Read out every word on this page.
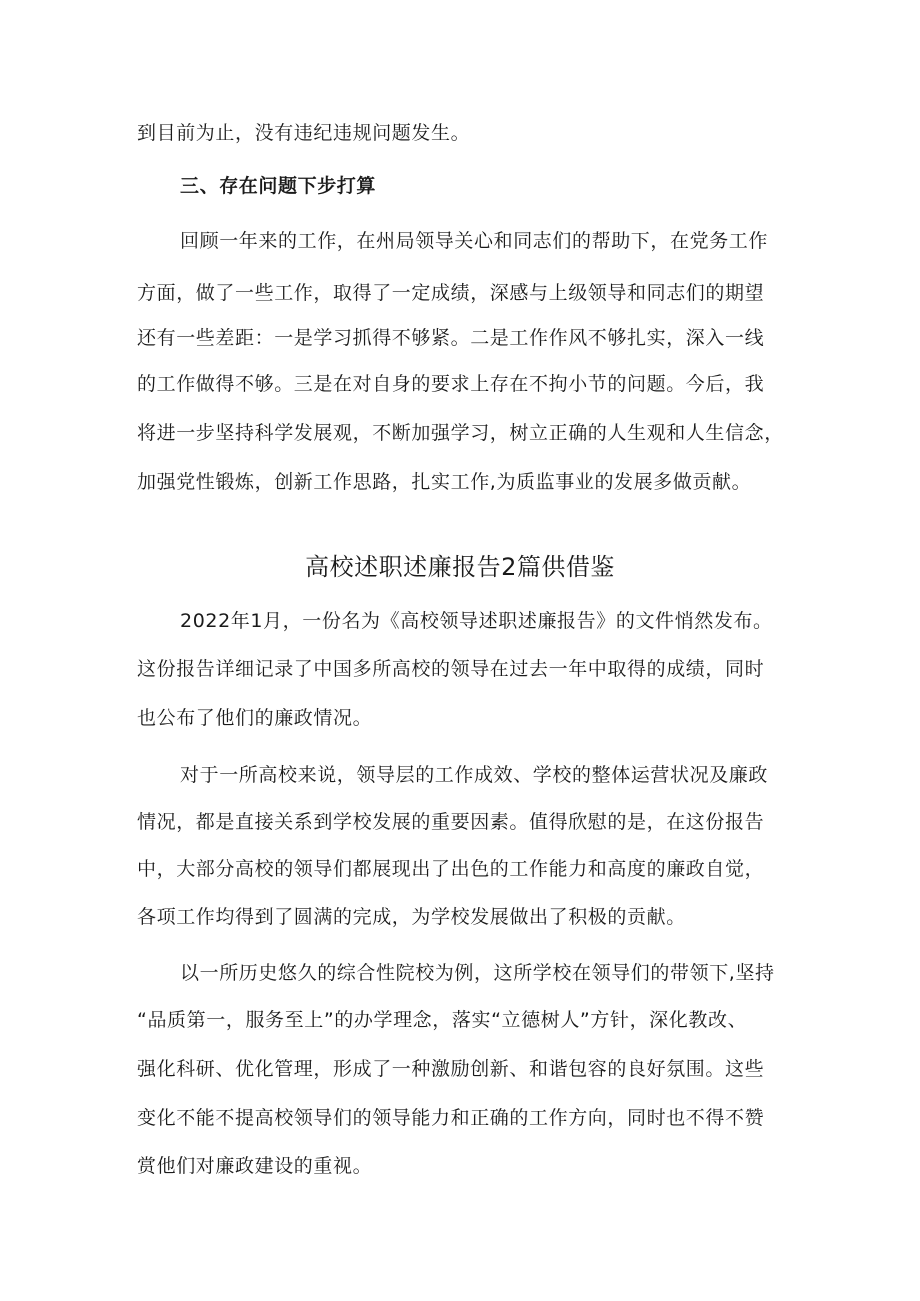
到目前为止，没有违纪违规问题发生。
三、存在问题下步打算
回顾一年来的工作，在州局领导关心和同志们的帮助下，在党务工作
方面，做了一些工作，取得了一定成绩，深感与上级领导和同志们的期望
还有一些差距：一是学习抓得不够紧。二是工作作风不够扎实，深入一线
的工作做得不够。三是在对自身的要求上存在不拘小节的问题。今后，我
将进一步坚持科学发展观，不断加强学习，树立正确的人生观和人生信念，
加强党性锻炼，创新工作思路，扎实工作,为质监事业的发展多做贡献。
高校述职述廉报告2篇供借鉴
2022年1月，一份名为《高校领导述职述廉报告》的文件悄然发布。
这份报告详细记录了中国多所高校的领导在过去一年中取得的成绩，同时
也公布了他们的廉政情况。
对于一所高校来说，领导层的工作成效、学校的整体运营状况及廉政
情况，都是直接关系到学校发展的重要因素。值得欣慰的是，在这份报告
中，大部分高校的领导们都展现出了出色的工作能力和高度的廉政自觉，
各项工作均得到了圆满的完成，为学校发展做出了积极的贡献。
以一所历史悠久的综合性院校为例，这所学校在领导们的带领下,坚持
“品质第一，服务至上”的办学理念，落实“立德树人”方针，深化教改、
强化科研、优化管理，形成了一种激励创新、和谐包容的良好氛围。这些
变化不能不提高校领导们的领导能力和正确的工作方向，同时也不得不赞
赏他们对廉政建设的重视。
